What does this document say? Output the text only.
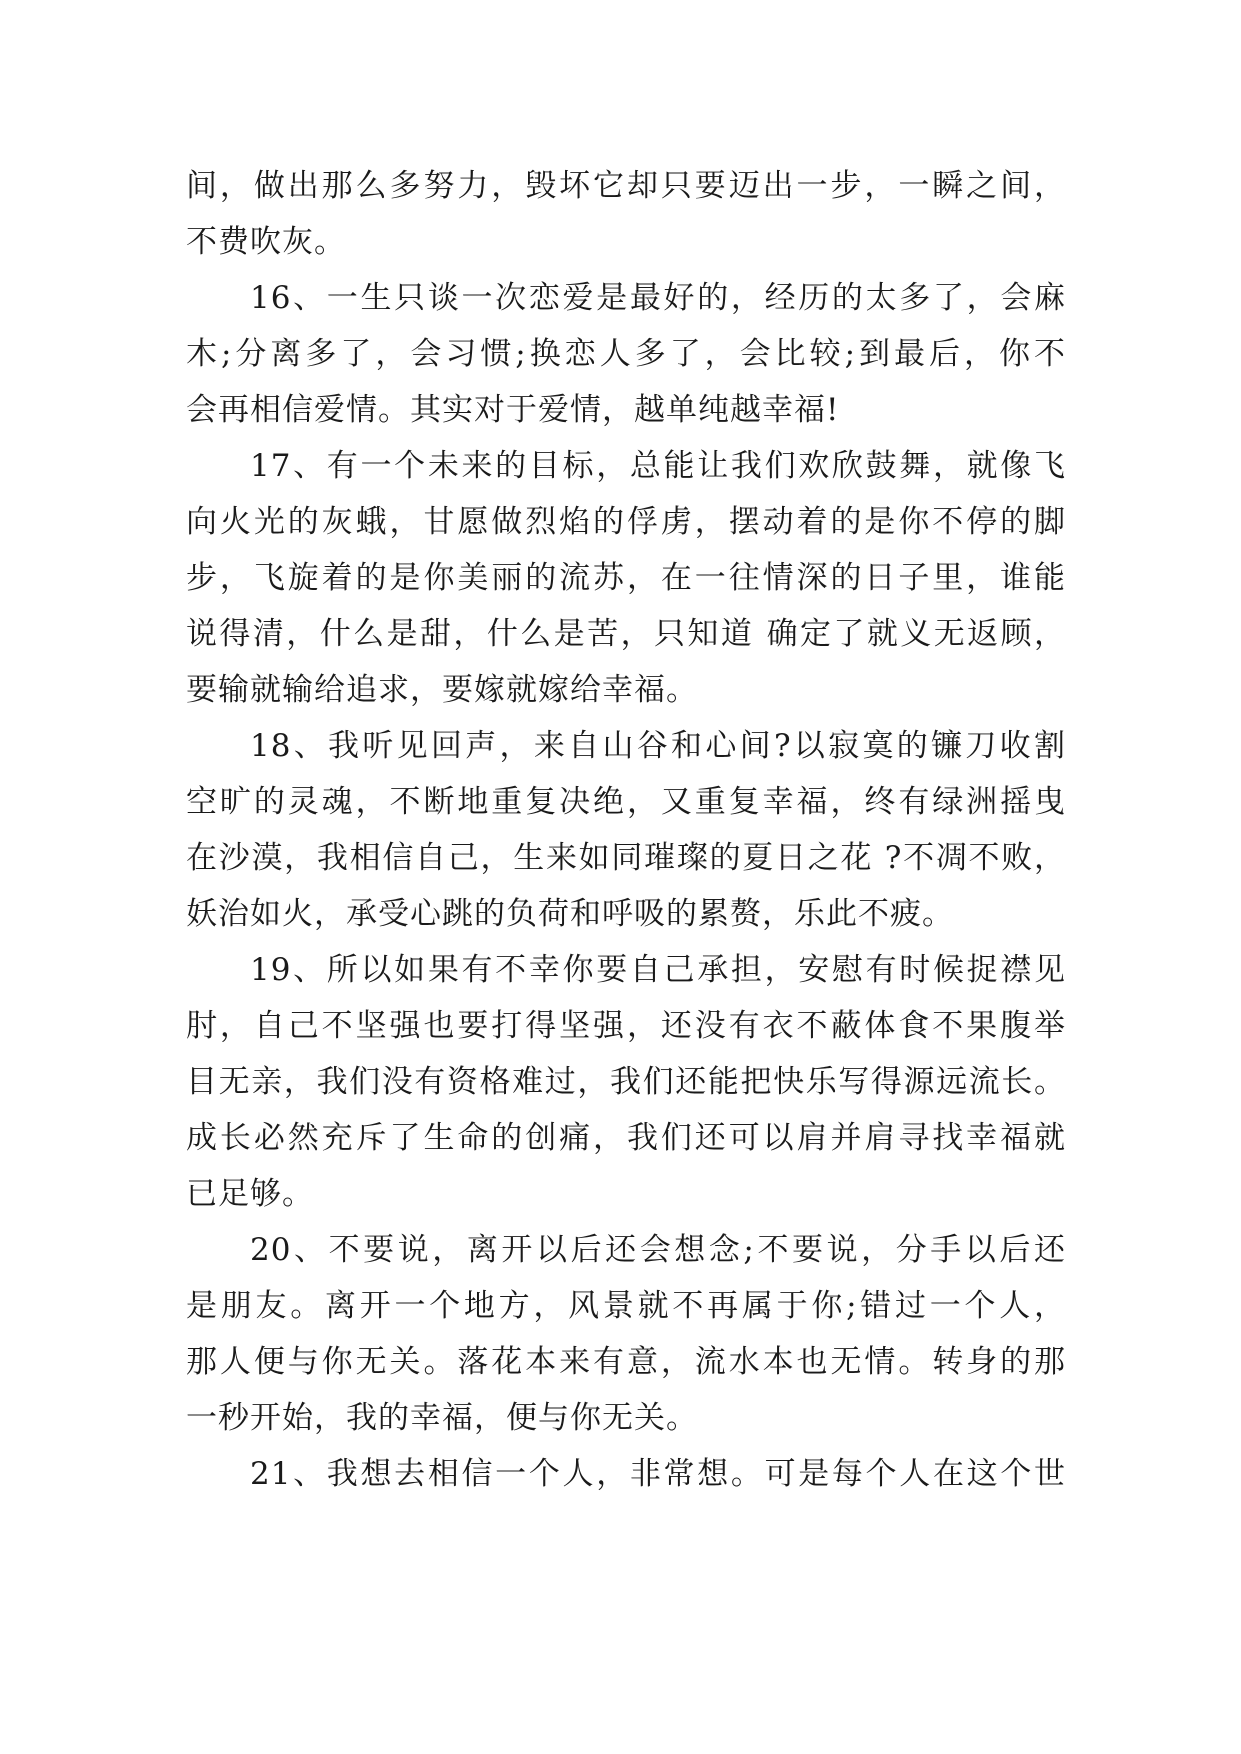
间，做出那么多努力，毁坏它却只要迈出一步，一瞬之间，
不费吹灰。
16、一生只谈一次恋爱是最好的，经历的太多了，会麻
木;分离多了，会习惯;换恋人多了，会比较;到最后，你不
会再相信爱情。其实对于爱情，越单纯越幸福!
17、有一个未来的目标，总能让我们欢欣鼓舞，就像飞
向火光的灰蛾，甘愿做烈焰的俘虏，摆动着的是你不停的脚
步，飞旋着的是你美丽的流苏，在一往情深的日子里，谁能
说得清，什么是甜，什么是苦，只知道 确定了就义无返顾，
要输就输给追求，要嫁就嫁给幸福。
18、我听见回声，来自山谷和心间?以寂寞的镰刀收割
空旷的灵魂，不断地重复决绝，又重复幸福，终有绿洲摇曳
在沙漠，我相信自己，生来如同璀璨的夏日之花 ?不凋不败，
妖治如火，承受心跳的负荷和呼吸的累赘，乐此不疲。
19、所以如果有不幸你要自己承担，安慰有时候捉襟见
肘，自己不坚强也要打得坚强，还没有衣不蔽体食不果腹举
目无亲，我们没有资格难过，我们还能把快乐写得源远流长。
成长必然充斥了生命的创痛，我们还可以肩并肩寻找幸福就
已足够。
20、不要说，离开以后还会想念;不要说，分手以后还
是朋友。离开一个地方，风景就不再属于你;错过一个人，
那人便与你无关。落花本来有意，流水本也无情。转身的那
一秒开始，我的幸福，便与你无关。
21、我想去相信一个人，非常想。可是每个人在这个世
